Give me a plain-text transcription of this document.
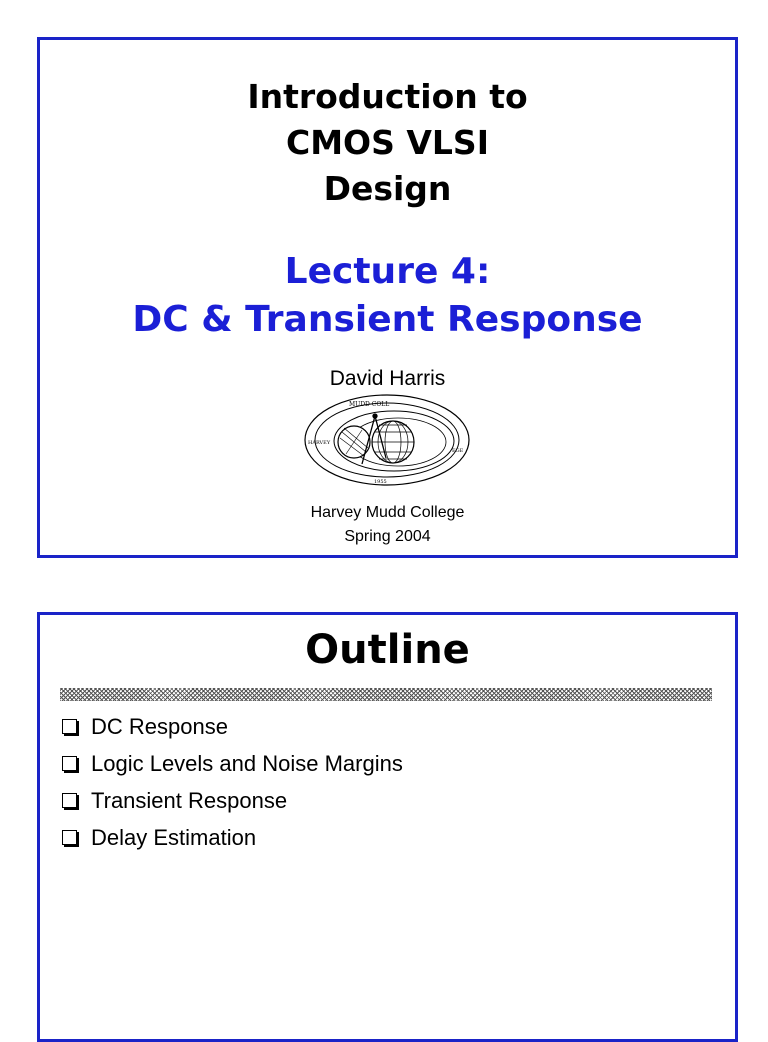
Introduction to
CMOS VLSI
Design
Lecture 4:
DC & Transient Response
David Harris
MUDD COLL
HARVEY
EGE
1955
Harvey Mudd College
Spring 2004
Outline
DC Response
Logic Levels and Noise Margins
Transient Response
Delay Estimation
